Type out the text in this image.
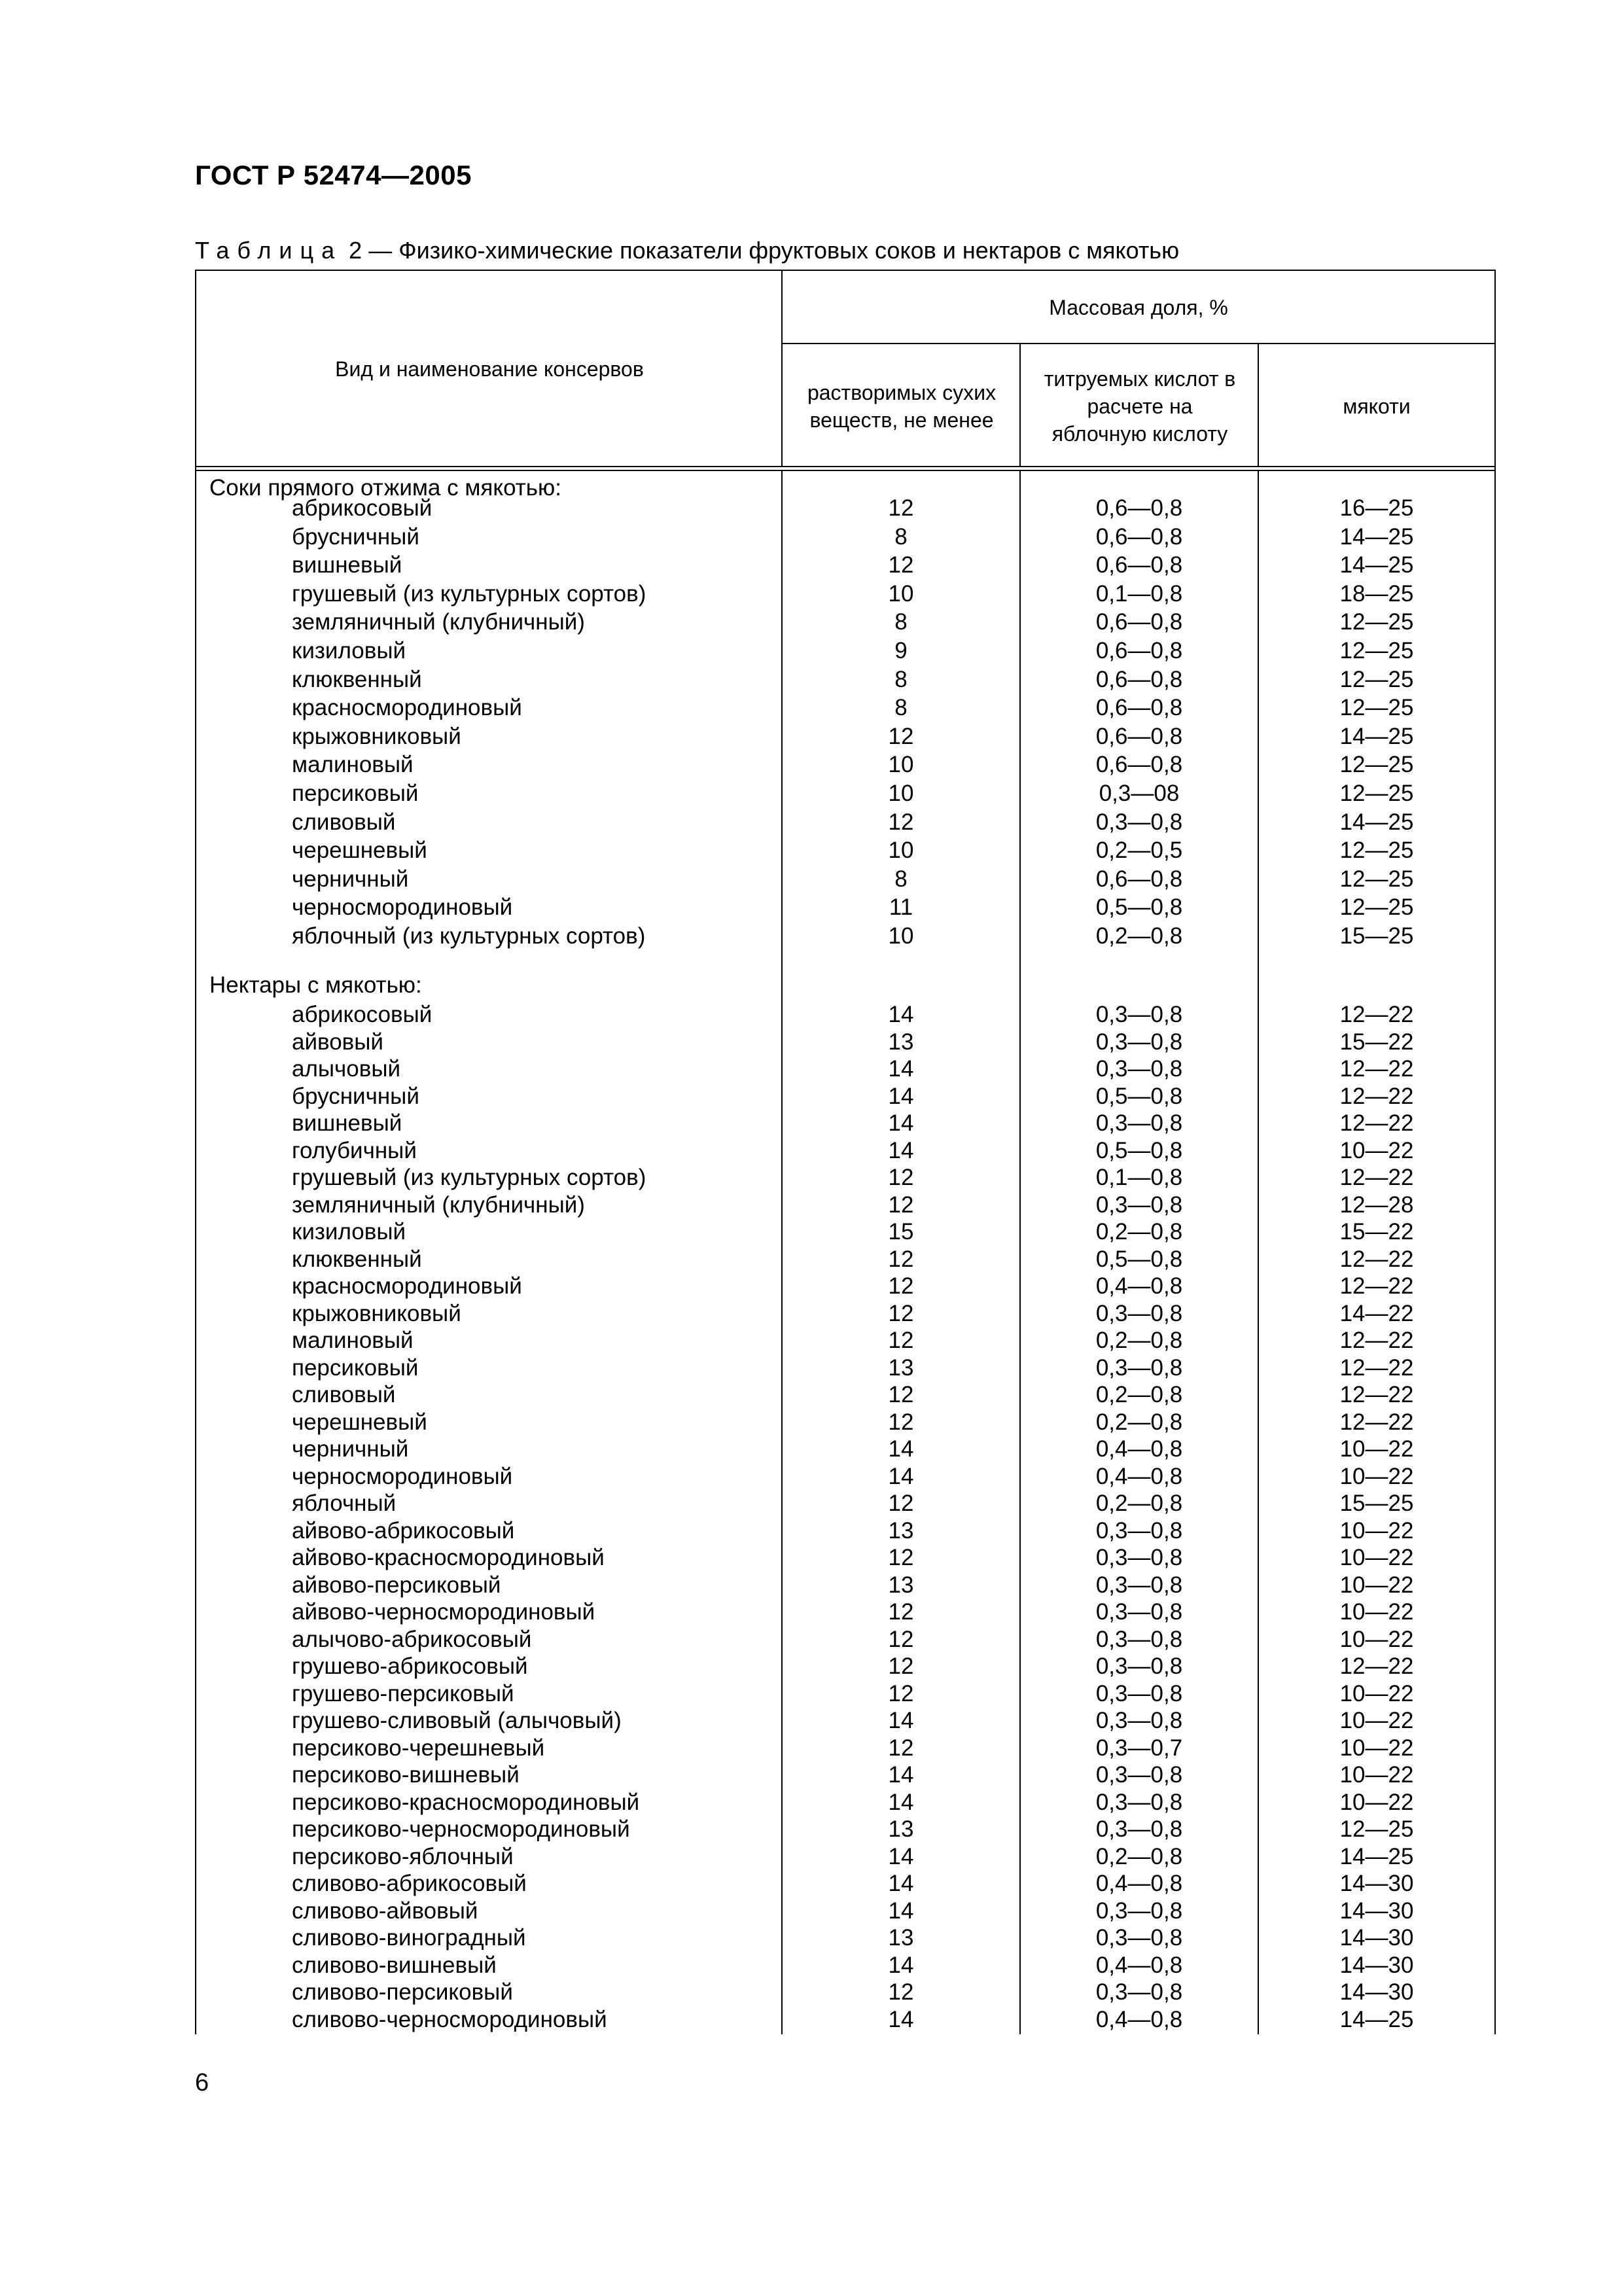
ГОСТ Р 52474—2005
Таблица 2 — Физико-химические показатели фруктовых соков и нектаров с мякотью
Вид и наименование консервов
Массовая доля, %
растворимых сухих веществ, не менее
титруемых кислот в расчете на яблочную кислоту
мякоти
Соки прямого отжима с мякотью:
абрикосовый	12	0,6—0,8	16—25
брусничный	8	0,6—0,8	14—25
вишневый	12	0,6—0,8	14—25
грушевый (из культурных сортов)	10	0,1—0,8	18—25
земляничный (клубничный)	8	0,6—0,8	12—25
кизиловый	9	0,6—0,8	12—25
клюквенный	8	0,6—0,8	12—25
красносмородиновый	8	0,6—0,8	12—25
крыжовниковый	12	0,6—0,8	14—25
малиновый	10	0,6—0,8	12—25
персиковый	10	0,3—08	12—25
сливовый	12	0,3—0,8	14—25
черешневый	10	0,2—0,5	12—25
черничный	8	0,6—0,8	12—25
черносмородиновый	11	0,5—0,8	12—25
яблочный (из культурных сортов)	10	0,2—0,8	15—25
Нектары с мякотью:
абрикосовый	14	0,3—0,8	12—22
айвовый	13	0,3—0,8	15—22
алычовый	14	0,3—0,8	12—22
брусничный	14	0,5—0,8	12—22
вишневый	14	0,3—0,8	12—22
голубичный	14	0,5—0,8	10—22
грушевый (из культурных сортов)	12	0,1—0,8	12—22
земляничный (клубничный)	12	0,3—0,8	12—28
кизиловый	15	0,2—0,8	15—22
клюквенный	12	0,5—0,8	12—22
красносмородиновый	12	0,4—0,8	12—22
крыжовниковый	12	0,3—0,8	14—22
малиновый	12	0,2—0,8	12—22
персиковый	13	0,3—0,8	12—22
сливовый	12	0,2—0,8	12—22
черешневый	12	0,2—0,8	12—22
черничный	14	0,4—0,8	10—22
черносмородиновый	14	0,4—0,8	10—22
яблочный	12	0,2—0,8	15—25
айвово-абрикосовый	13	0,3—0,8	10—22
айвово-красносмородиновый	12	0,3—0,8	10—22
айвово-персиковый	13	0,3—0,8	10—22
айвово-черносмородиновый	12	0,3—0,8	10—22
алычово-абрикосовый	12	0,3—0,8	10—22
грушево-абрикосовый	12	0,3—0,8	12—22
грушево-персиковый	12	0,3—0,8	10—22
грушево-сливовый (алычовый)	14	0,3—0,8	10—22
персиково-черешневый	12	0,3—0,7	10—22
персиково-вишневый	14	0,3—0,8	10—22
персиково-красносмородиновый	14	0,3—0,8	10—22
персиково-черносмородиновый	13	0,3—0,8	12—25
персиково-яблочный	14	0,2—0,8	14—25
сливово-абрикосовый	14	0,4—0,8	14—30
сливово-айвовый	14	0,3—0,8	14—30
сливово-виноградный	13	0,3—0,8	14—30
сливово-вишневый	14	0,4—0,8	14—30
сливово-персиковый	12	0,3—0,8	14—30
сливово-черносмородиновый	14	0,4—0,8	14—25
6
